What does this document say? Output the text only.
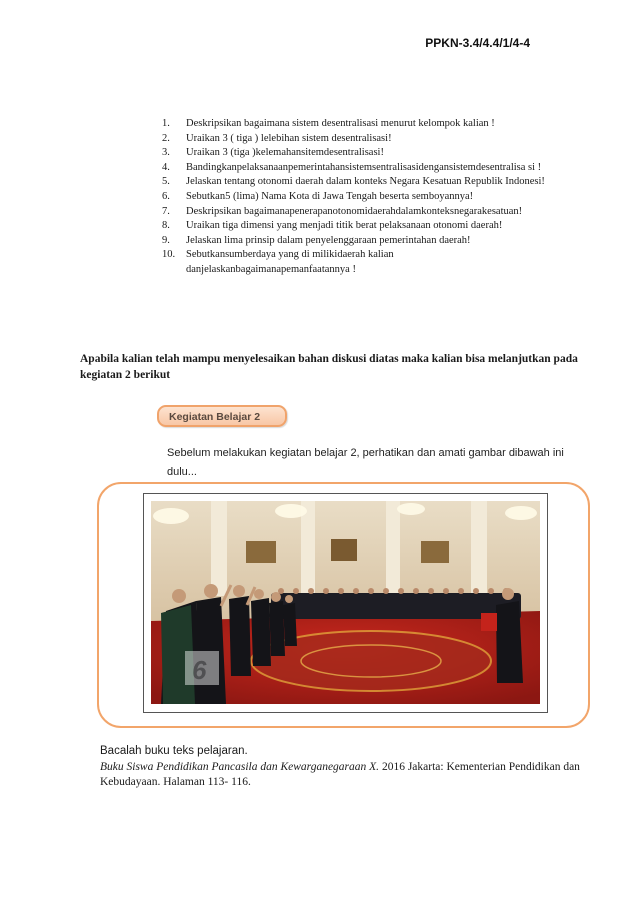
PPKN-3.4/4.4/1/4-4
1.	Deskripsikan bagaimana sistem desentralisasi menurut kelompok kalian !
2.	Uraikan 3 ( tiga ) lelebihan sistem desentralisasi!
3.	Uraikan 3 (tiga )kelemahansitemdesentralisasi!
4.	Bandingkanpelaksanaanpemerintahansistemsentralisasidengansistemdesentralisa si !
5.	Jelaskan tentang otonomi daerah dalam konteks Negara Kesatuan Republik Indonesi!
6.	Sebutkan5 (lima) Nama Kota di Jawa Tengah beserta semboyannya!
7.	Deskripsikan bagaimanapenerapanotonomidaerahdalamkonteksnegarakesatuan!
8.	Uraikan tiga dimensi yang menjadi titik berat pelaksanaan otonomi daerah!
9.	Jelaskan lima prinsip dalam penyelenggaraan pemerintahan daerah!
10.	Sebutkansumberdaya yang di milikidaerah kalian danjelaskanbagaimanapemanfaatannya !
Apabila kalian telah mampu menyelesaikan bahan diskusi diatas maka kalian bisa melanjutkan pada kegiatan 2 berikut
Kegiatan Belajar 2
Sebelum melakukan kegiatan belajar 2, perhatikan dan amati gambar dibawah ini dulu...
6
Bacalah buku teks pelajaran.
Buku Siswa Pendidikan Pancasila dan Kewarganegaraan X. 2016 Jakarta: Kementerian Pendidikan dan Kebudayaan. Halaman 113- 116.
